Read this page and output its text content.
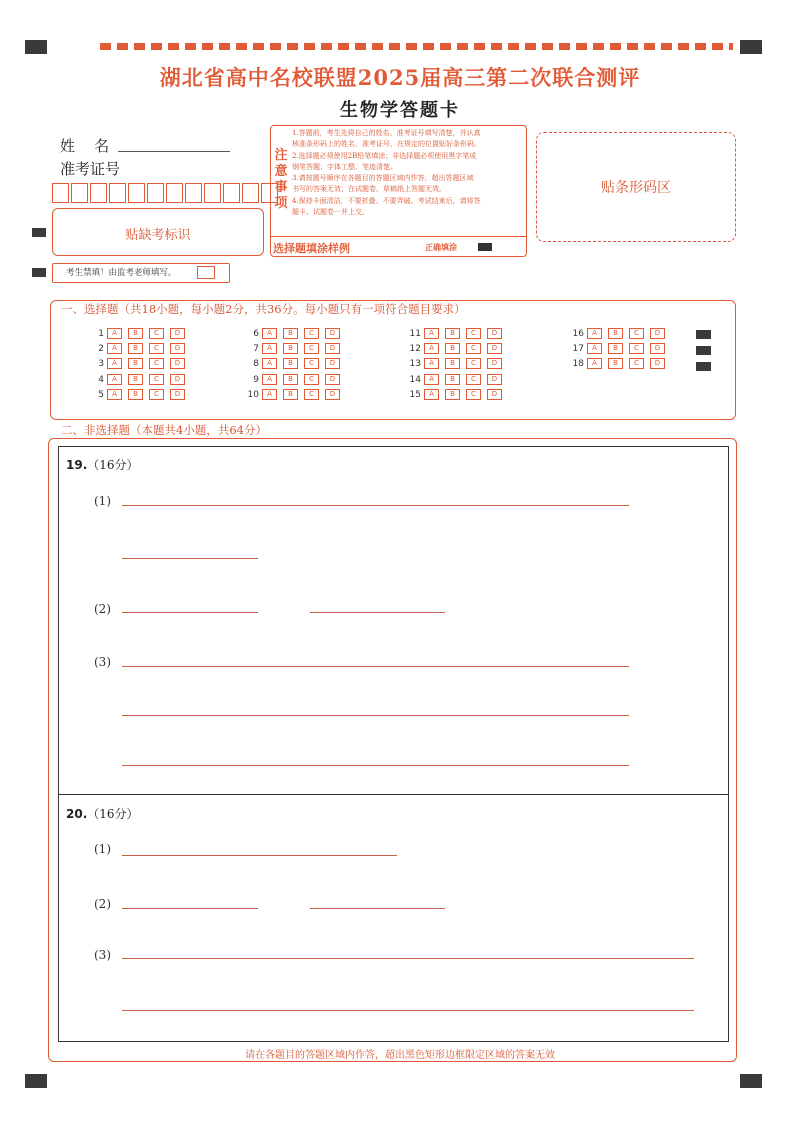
湖北省高中名校联盟2025届高三第二次联合测评
生物学答题卡
姓    名
准考证号
贴缺考标识
考生禁填！由监考老师填写。
注
意
事
项
1.答题前，考生先将自己的姓名、准考证号填写清楚，并认真
核准条形码上的姓名、准考证号，在规定的位置贴好条形码。
2.选择题必须使用2B铅笔填涂；非选择题必须使用黑字笔或
钢笔答题；字体工整、笔迹清楚。
3.请按题号顺序在各题目的答题区域内作答，超出答题区域
书写的答案无效；在试题卷、草稿纸上答题无效。
4.保持卡面清洁，不要折叠、不要弄破。考试结束后，请将答
题卡、试题卷一并上交。
选择题填涂样例	正确填涂
贴条形码区
一、选择题（共18小题，每小题2分，共36分。每小题只有一项符合题目要求）
1	A	B	C	D
2	A	B	C	D
3	A	B	C	D
4	A	B	C	D
5	A	B	C	D
6	A	B	C	D
7	A	B	C	D
8	A	B	C	D
9	A	B	C	D
10	A	B	C	D
11	A	B	C	D
12	A	B	C	D
13	A	B	C	D
14	A	B	C	D
15	A	B	C	D
16	A	B	C	D
17	A	B	C	D
18	A	B	C	D
二、非选择题（本题共4小题，共64分）
19.（16分）
(1)
(2)
(3)
20.（16分）
(1)
(2)
(3)
请在各题目的答题区域内作答，超出黑色矩形边框限定区域的答案无效
